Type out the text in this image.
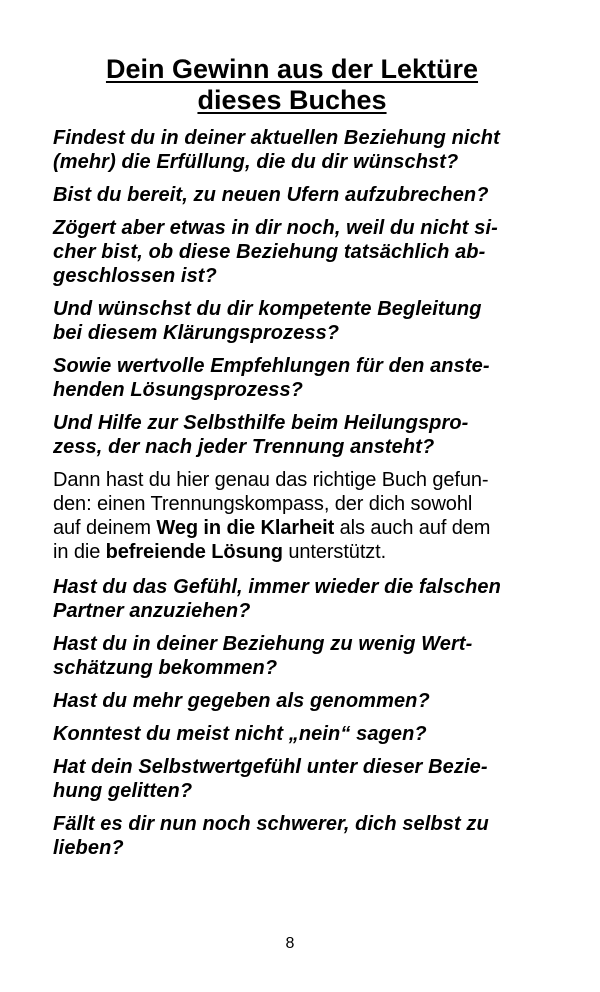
Dein Gewinn aus der Lektüre
dieses Buches

Findest du in deiner aktuellen Beziehung nicht
(mehr) die Erfüllung, die du dir wünschst?

Bist du bereit, zu neuen Ufern aufzubrechen?

Zögert aber etwas in dir noch, weil du nicht si-
cher bist, ob diese Beziehung tatsächlich ab-
geschlossen ist?

Und wünschst du dir kompetente Begleitung
bei diesem Klärungsprozess?

Sowie wertvolle Empfehlungen für den anste-
henden Lösungsprozess?

Und Hilfe zur Selbsthilfe beim Heilungspro-
zess, der nach jeder Trennung ansteht?

Dann hast du hier genau das richtige Buch gefun-
den: einen Trennungskompass, der dich sowohl
auf deinem Weg in die Klarheit als auch auf dem
in die befreiende Lösung unterstützt.

Hast du das Gefühl, immer wieder die falschen
Partner anzuziehen?

Hast du in deiner Beziehung zu wenig Wert-
schätzung bekommen?

Hast du mehr gegeben als genommen?

Konntest du meist nicht „nein“ sagen?

Hat dein Selbstwertgefühl unter dieser Bezie-
hung gelitten?

Fällt es dir nun noch schwerer, dich selbst zu
lieben?

8
